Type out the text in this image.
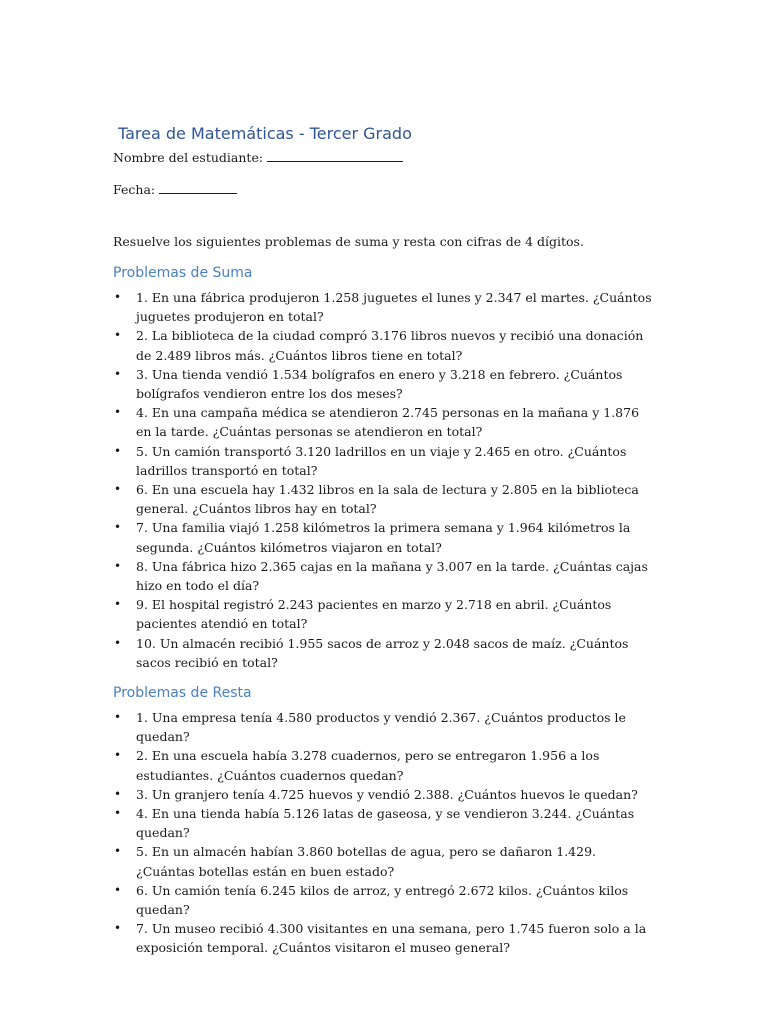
Tarea de Matemáticas - Tercer Grado
Nombre del estudiante:
Fecha:
Resuelve los siguientes problemas de suma y resta con cifras de 4 dígitos.
Problemas de Suma
• 1. En una fábrica produjeron 1.258 juguetes el lunes y 2.347 el martes. ¿Cuántos juguetes produjeron en total?
• 2. La biblioteca de la ciudad compró 3.176 libros nuevos y recibió una donación de 2.489 libros más. ¿Cuántos libros tiene en total?
• 3. Una tienda vendió 1.534 bolígrafos en enero y 3.218 en febrero. ¿Cuántos bolígrafos vendieron entre los dos meses?
• 4. En una campaña médica se atendieron 2.745 personas en la mañana y 1.876 en la tarde. ¿Cuántas personas se atendieron en total?
• 5. Un camión transportó 3.120 ladrillos en un viaje y 2.465 en otro. ¿Cuántos ladrillos transportó en total?
• 6. En una escuela hay 1.432 libros en la sala de lectura y 2.805 en la biblioteca general. ¿Cuántos libros hay en total?
• 7. Una familia viajó 1.258 kilómetros la primera semana y 1.964 kilómetros la segunda. ¿Cuántos kilómetros viajaron en total?
• 8. Una fábrica hizo 2.365 cajas en la mañana y 3.007 en la tarde. ¿Cuántas cajas hizo en todo el día?
• 9. El hospital registró 2.243 pacientes en marzo y 2.718 en abril. ¿Cuántos pacientes atendió en total?
• 10. Un almacén recibió 1.955 sacos de arroz y 2.048 sacos de maíz. ¿Cuántos sacos recibió en total?
Problemas de Resta
• 1. Una empresa tenía 4.580 productos y vendió 2.367. ¿Cuántos productos le quedan?
• 2. En una escuela había 3.278 cuadernos, pero se entregaron 1.956 a los estudiantes. ¿Cuántos cuadernos quedan?
• 3. Un granjero tenía 4.725 huevos y vendió 2.388. ¿Cuántos huevos le quedan?
• 4. En una tienda había 5.126 latas de gaseosa, y se vendieron 3.244. ¿Cuántas quedan?
• 5. En un almacén habían 3.860 botellas de agua, pero se dañaron 1.429. ¿Cuántas botellas están en buen estado?
• 6. Un camión tenía 6.245 kilos de arroz, y entregó 2.672 kilos. ¿Cuántos kilos quedan?
• 7. Un museo recibió 4.300 visitantes en una semana, pero 1.745 fueron solo a la exposición temporal. ¿Cuántos visitaron el museo general?
